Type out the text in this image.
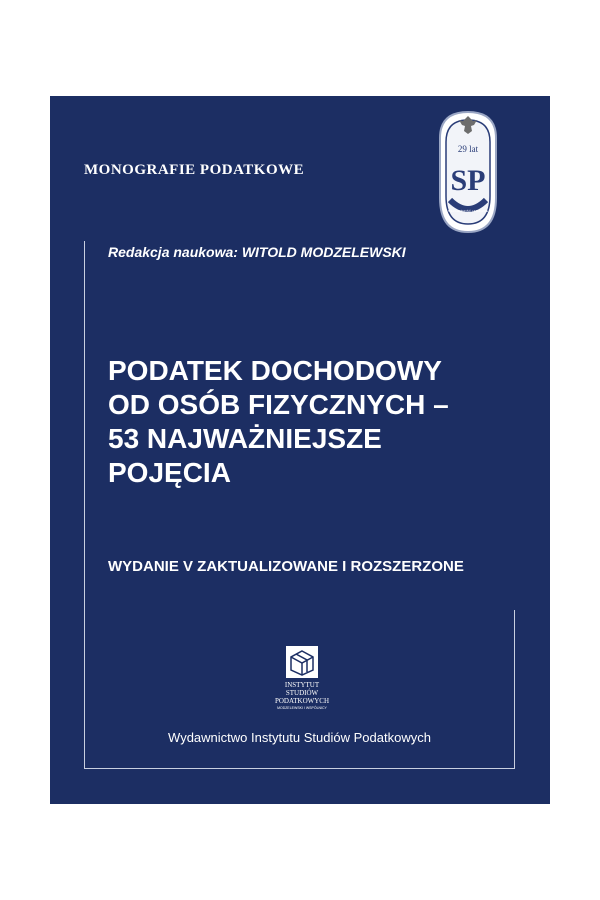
MONOGRAFIE PODATKOWE
29 lat
SP
NIEZALEŻNOŚĆ I ZAUFANIE
Redakcja naukowa: WITOLD MODZELEWSKI
PODATEK DOCHODOWY
OD OSÓB FIZYCZNYCH –
53 NAJWAŻNIEJSZE
POJĘCIA
WYDANIE V ZAKTUALIZOWANE I ROZSZERZONE
INSTYTUT
STUDIÓW
PODATKOWYCH
MODZELEWSKI I WSPÓLNICY
Wydawnictwo Instytutu Studiów Podatkowych
